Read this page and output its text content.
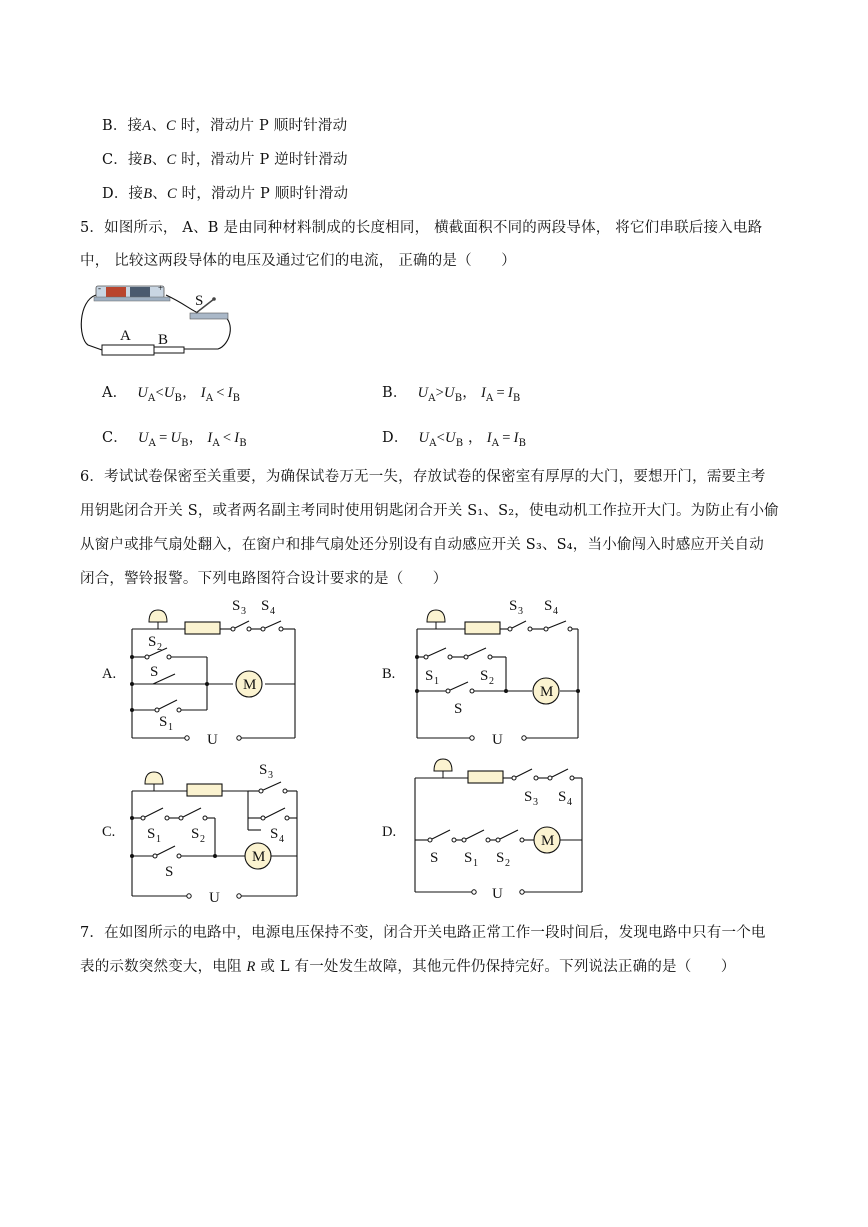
B．接A、C 时，滑动片 P 顺时针滑动
C．接B、C 时，滑动片 P 逆时针滑动
D．接B、C 时，滑动片 P 顺时针滑动
5．如图所示， A、B 是由同种材料制成的长度相同， 横截面积不同的两段导体， 将它们串联后接入电路
中， 比较这两段导体的电压及通过它们的电流， 正确的是（　　）
-	+
S
A B
A． $U_A<U_B$， $I_A < I_B$	B． $U_A>U_B$， $I_A = I_B$
C． $U_A = U_B$， $I_A < I_B$	D． $U_A<U_B$ ， $I_A = I_B$
6．考试试卷保密至关重要，为确保试卷万无一失，存放试卷的保密室有厚厚的大门，要想开门，需要主考
用钥匙闭合开关 S，或者两名副主考同时使用钥匙闭合开关 S₁、S₂，使电动机工作拉开大门。为防止有小偷
从窗户或排气扇处翻入，在窗户和排气扇处还分别设有自动感应开关 S₃、S₄，当小偷闯入时感应开关自动
闭合，警铃报警。下列电路图符合设计要求的是（　　）
A.	B.
C.	D.
M
S 3 S 4
S 2
S
S 1
U
M
S 3 S 4
S 1	S 2
S
U
M
S 3
S 4
S 1 S 2
S
U
M
S 3 S 4
S S 1 S 2
U
7．在如图所示的电路中，电源电压保持不变，闭合开关电路正常工作一段时间后，发现电路中只有一个电
表的示数突然变大，电阻 R 或 L 有一处发生故障，其他元件仍保持完好。下列说法正确的是（　　）
